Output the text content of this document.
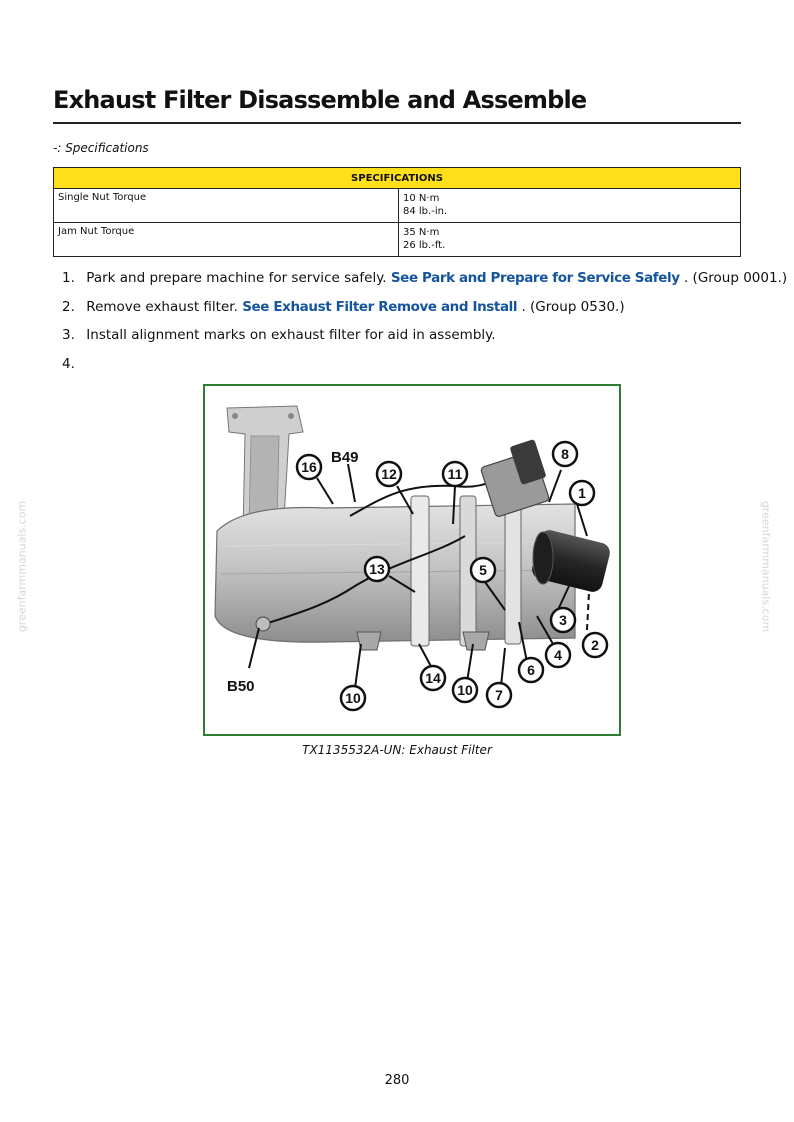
greenfarmmanuals.com	greenfarmmanuals.com
Exhaust Filter Disassemble and Assemble
-: Specifications
SPECIFICATIONS	
Single Nut Torque	10 N·m
84 lb.-in.

Jam Nut Torque	35 N·m
26 lb.-ft.
1. Park and prepare machine for service safely. See Park and Prepare for Service Safely . (Group 0001.)
2. Remove exhaust filter. See Exhaust Filter Remove and Install . (Group 0530.)
3. Install alignment marks on exhaust filter for aid in assembly.
4.
B49
B50
16	12	11
8
1
13	5
3
2
4
6
7
10
14
10
TX1135532A-UN: Exhaust Filter
280
